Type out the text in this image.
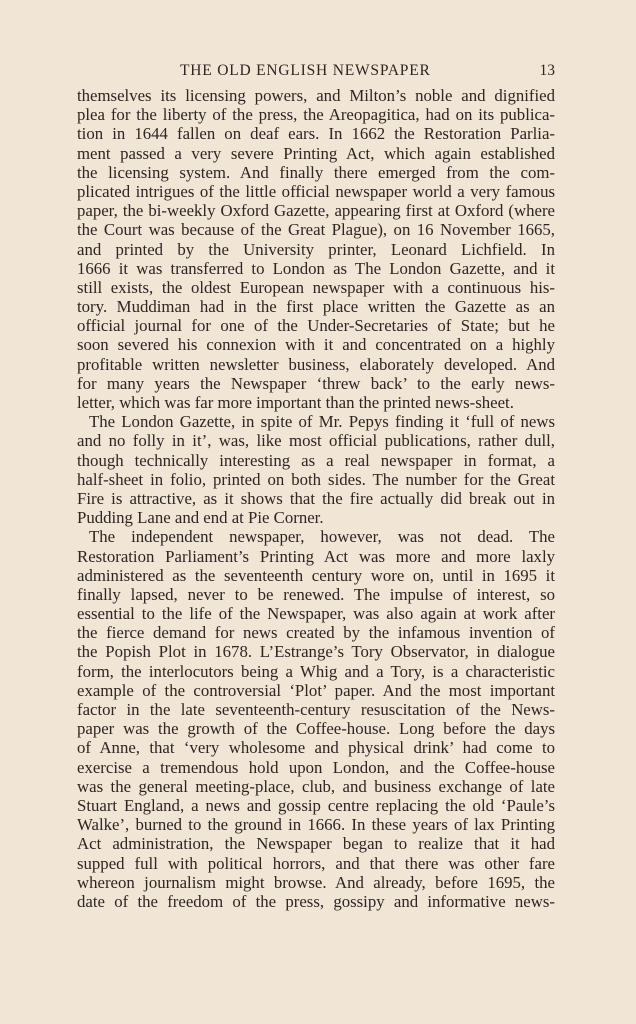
THE OLD ENGLISH NEWSPAPER	13
themselves its licensing powers, and Milton’s noble and dignified
plea for the liberty of the press, the Areopagitica, had on its publica-
tion in 1644 fallen on deaf ears. In 1662 the Restoration Parlia-
ment passed a very severe Printing Act, which again established
the licensing system. And finally there emerged from the com-
plicated intrigues of the little official newspaper world a very famous
paper, the bi-weekly Oxford Gazette, appearing first at Oxford (where
the Court was because of the Great Plague), on 16 November 1665,
and printed by the University printer, Leonard Lichfield. In
1666 it was transferred to London as The London Gazette, and it
still exists, the oldest European newspaper with a continuous his-
tory. Muddiman had in the first place written the Gazette as an
official journal for one of the Under-Secretaries of State; but he
soon severed his connexion with it and concentrated on a highly
profitable written newsletter business, elaborately developed. And
for many years the Newspaper ‘threw back’ to the early news-
letter, which was far more important than the printed news-sheet.
The London Gazette, in spite of Mr. Pepys finding it ‘full of news
and no folly in it’, was, like most official publications, rather dull,
though technically interesting as a real newspaper in format, a
half-sheet in folio, printed on both sides. The number for the Great
Fire is attractive, as it shows that the fire actually did break out in
Pudding Lane and end at Pie Corner.
The independent newspaper, however, was not dead. The
Restoration Parliament’s Printing Act was more and more laxly
administered as the seventeenth century wore on, until in 1695 it
finally lapsed, never to be renewed. The impulse of interest, so
essential to the life of the Newspaper, was also again at work after
the fierce demand for news created by the infamous invention of
the Popish Plot in 1678. L’Estrange’s Tory Observator, in dialogue
form, the interlocutors being a Whig and a Tory, is a characteristic
example of the controversial ‘Plot’ paper. And the most important
factor in the late seventeenth-century resuscitation of the News-
paper was the growth of the Coffee-house. Long before the days
of Anne, that ‘very wholesome and physical drink’ had come to
exercise a tremendous hold upon London, and the Coffee-house
was the general meeting-place, club, and business exchange of late
Stuart England, a news and gossip centre replacing the old ‘Paule’s
Walke’, burned to the ground in 1666. In these years of lax Printing
Act administration, the Newspaper began to realize that it had
supped full with political horrors, and that there was other fare
whereon journalism might browse. And already, before 1695, the
date of the freedom of the press, gossipy and informative news-
